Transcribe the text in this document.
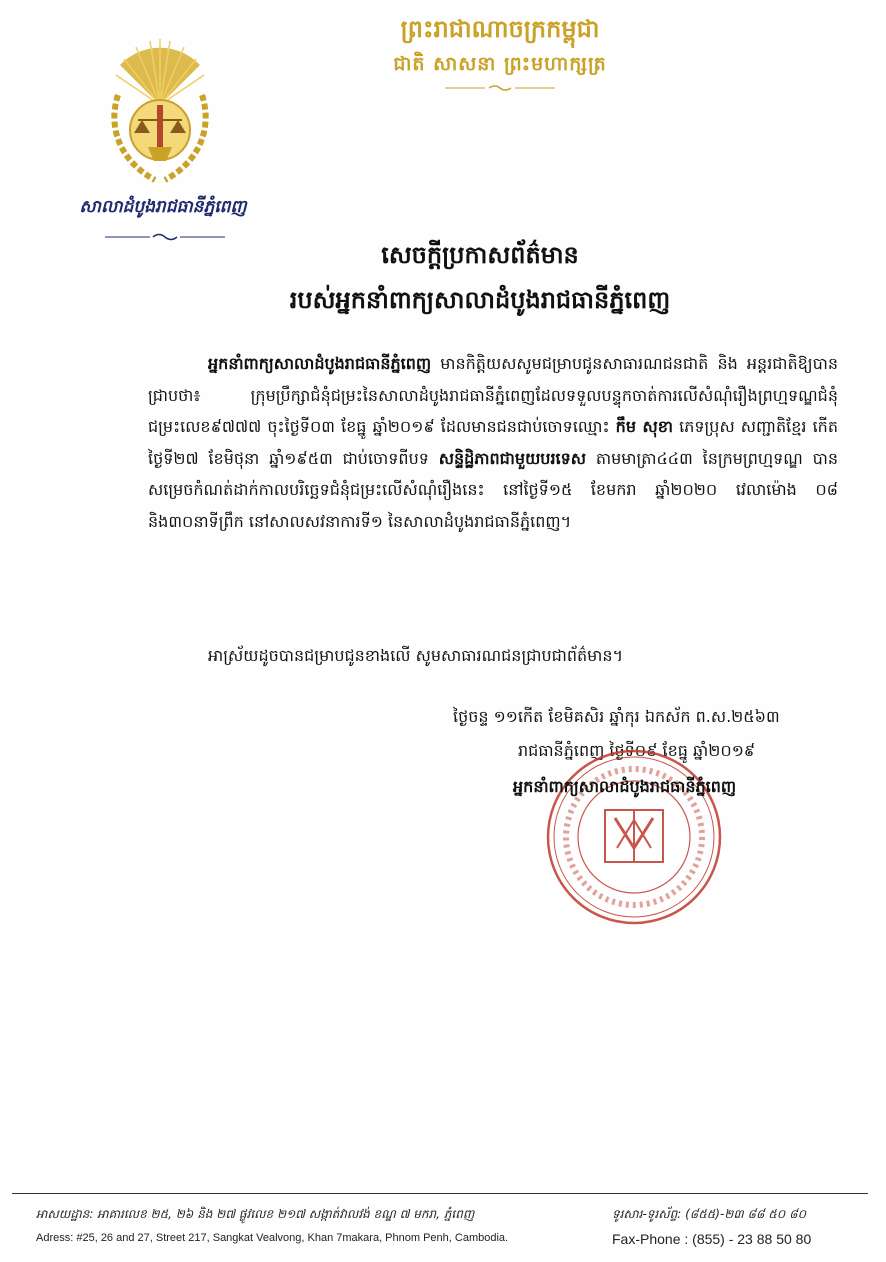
សាលាដំបូងរាជធានីភ្នំពេញ
ព្រះរាជាណាចក្រកម្ពុជា
ជាតិ សាសនា ព្រះមហាក្សត្រ
សេចក្ដីប្រកាសព័ត៌មាន
របស់អ្នកនាំពាក្យសាលាដំបូងរាជធានីភ្នំពេញ
អ្នកនាំពាក្យសាលាដំបូងរាជធានីភ្នំពេញ មានកិត្តិយសសូមជម្រាបជូនសាធារណជនជាតិ និង អន្តរជាតិឱ្យបានជ្រាបថា៖ ក្រុមប្រឹក្សាជំនុំជម្រះនៃសាលាដំបូងរាជធានីភ្នំពេញដែលទទួលបន្ទុកចាត់ការលើសំណុំរឿងព្រហ្មទណ្ឌជំនុំជម្រះលេខ៩៧៧៧ ចុះថ្ងៃទី០៣ ខែធ្នូ ឆ្នាំ២០១៩ ដែលមានជនជាប់ចោទឈ្មោះ កឹម សុខា ភេទប្រុស សញ្ជាតិខ្មែរ កើតថ្ងៃទី២៧ ខែមិថុនា ឆ្នាំ១៩៥៣ ជាប់ចោទពីបទ សន្ទិដ្ឋិភាពជាមួយបរទេស តាមមាត្រា៤៤៣ នៃក្រមព្រហ្មទណ្ឌ បានសម្រេចកំណត់ដាក់កាលបរិច្ឆេទជំនុំជម្រះលើសំណុំរឿងនេះ នៅថ្ងៃទី១៥ ខែមករា ឆ្នាំ២០២០ វេលាម៉ោង ០៨ និង៣០នាទីព្រឹក នៅសាលសវនាការទី១ នៃសាលាដំបូងរាជធានីភ្នំពេញ។
អាស្រ័យដូចបានជម្រាបជូនខាងលើ សូមសាធារណជនជ្រាបជាព័ត៌មាន។
ថ្ងៃចន្ទ ១១កើត ខែមិគសិរ ឆ្នាំកុរ ឯកស័ក ព.ស.២៥៦៣
រាជធានីភ្នំពេញ ថ្ងៃទី០៩ ខែធ្នូ ឆ្នាំ២០១៩
អ្នកនាំពាក្យសាលាដំបូងរាជធានីភ្នំពេញ
អាសយដ្ឋាន: អាគារលេខ ២៥, ២៦ និង ២៧ ផ្លូវលេខ ២១៧ សង្កាត់វាលវង់ ខណ្ឌ ៧ មករា, ភ្នំពេញ
Adress: #25, 26 and 27, Street 217, Sangkat Vealvong, Khan 7makara, Phnom Penh, Cambodia.
ទូរសារ-ទូរស័ព្ទ: (៨៥៥)-២៣ ៨៨ ៥០ ៨០
Fax-Phone : (855) - 23 88 50 80
